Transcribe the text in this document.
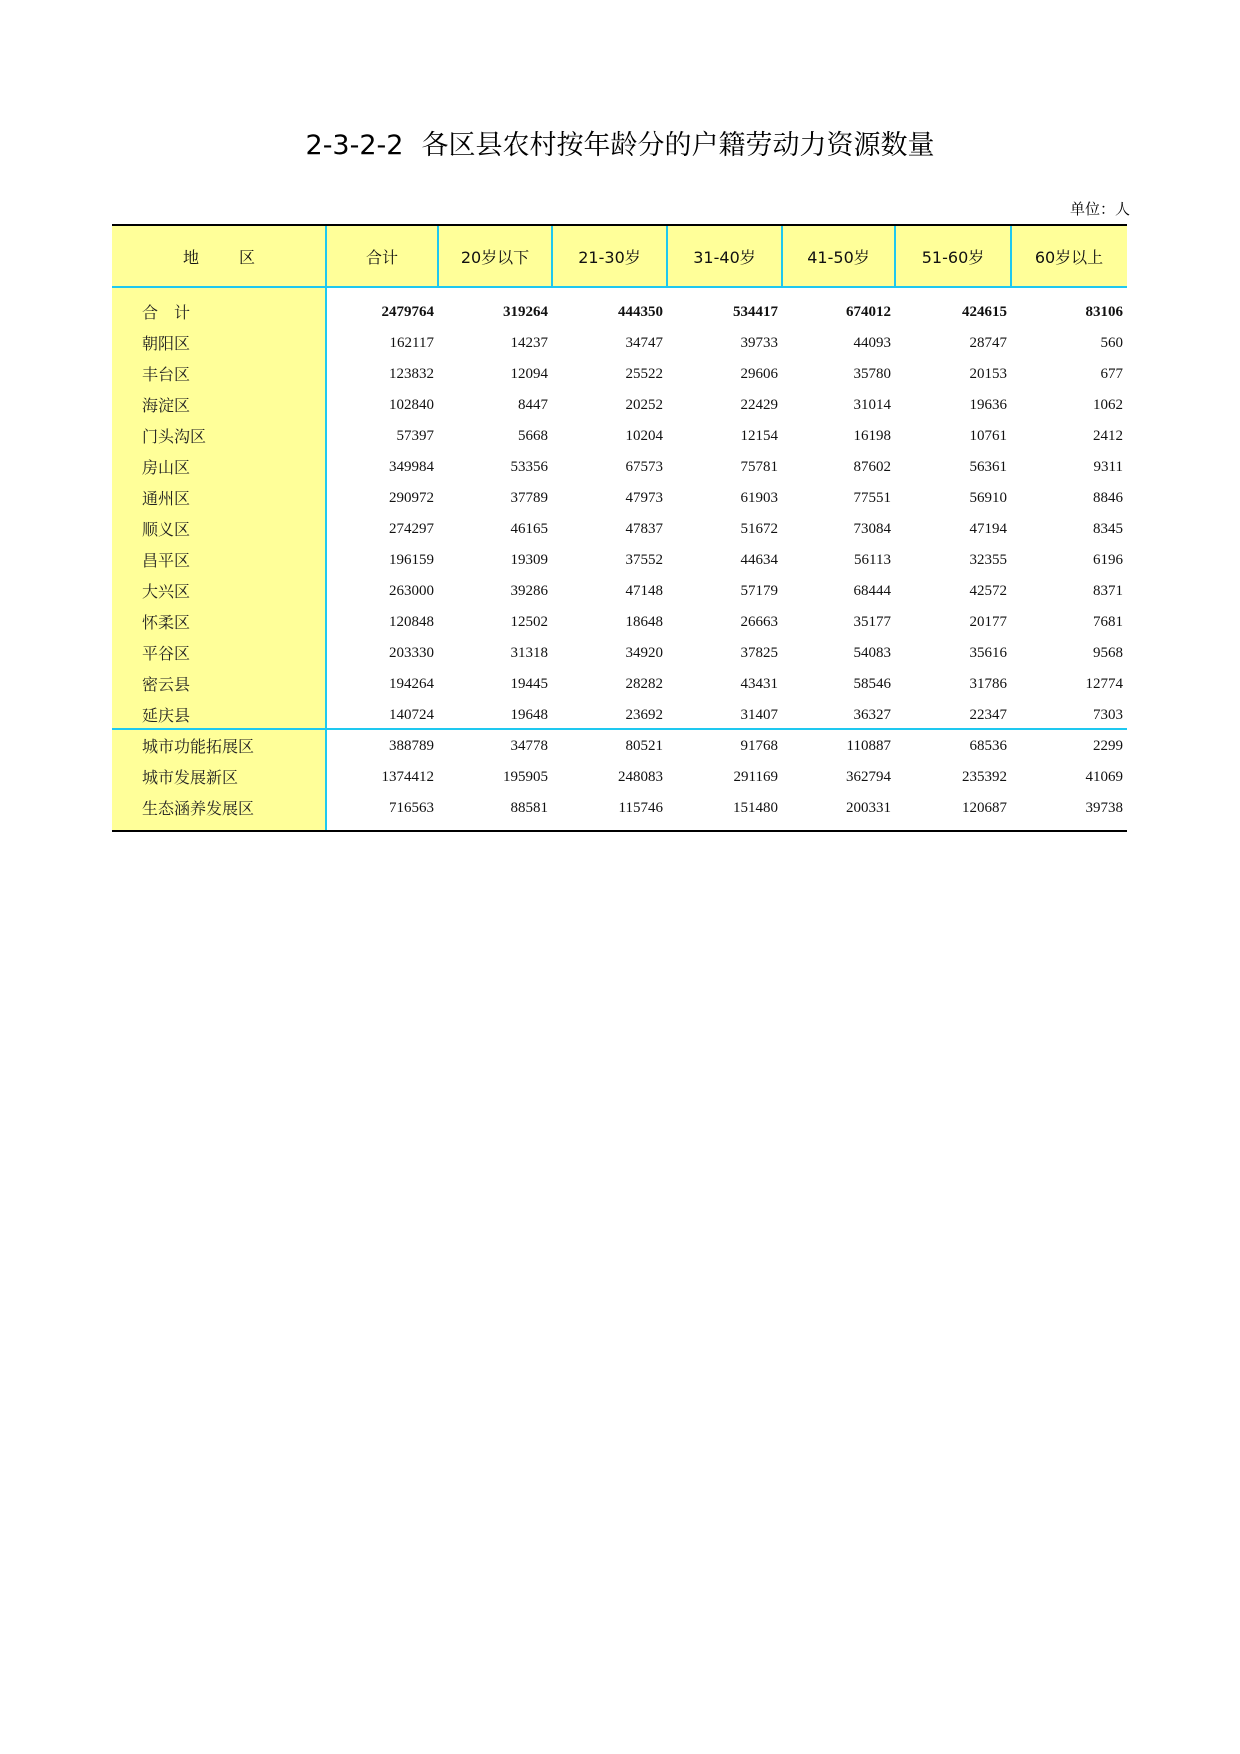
2-3-2-2 各区县农村按年龄分的户籍劳动力资源数量
单位：人
地	区	合计	20岁以下	21-30岁	31-40岁	41-50岁	51-60岁	60岁以上
合　计	2479764	319264	444350	534417	674012	424615	83106
朝阳区	162117	14237	34747	39733	44093	28747	560
丰台区	123832	12094	25522	29606	35780	20153	677
海淀区	102840	8447	20252	22429	31014	19636	1062
门头沟区	57397	5668	10204	12154	16198	10761	2412
房山区	349984	53356	67573	75781	87602	56361	9311
通州区	290972	37789	47973	61903	77551	56910	8846
顺义区	274297	46165	47837	51672	73084	47194	8345
昌平区	196159	19309	37552	44634	56113	32355	6196
大兴区	263000	39286	47148	57179	68444	42572	8371
怀柔区	120848	12502	18648	26663	35177	20177	7681
平谷区	203330	31318	34920	37825	54083	35616	9568
密云县	194264	19445	28282	43431	58546	31786	12774
延庆县	140724	19648	23692	31407	36327	22347	7303
城市功能拓展区	388789	34778	80521	91768	110887	68536	2299
城市发展新区	1374412	195905	248083	291169	362794	235392	41069
生态涵养发展区	716563	88581	115746	151480	200331	120687	39738
